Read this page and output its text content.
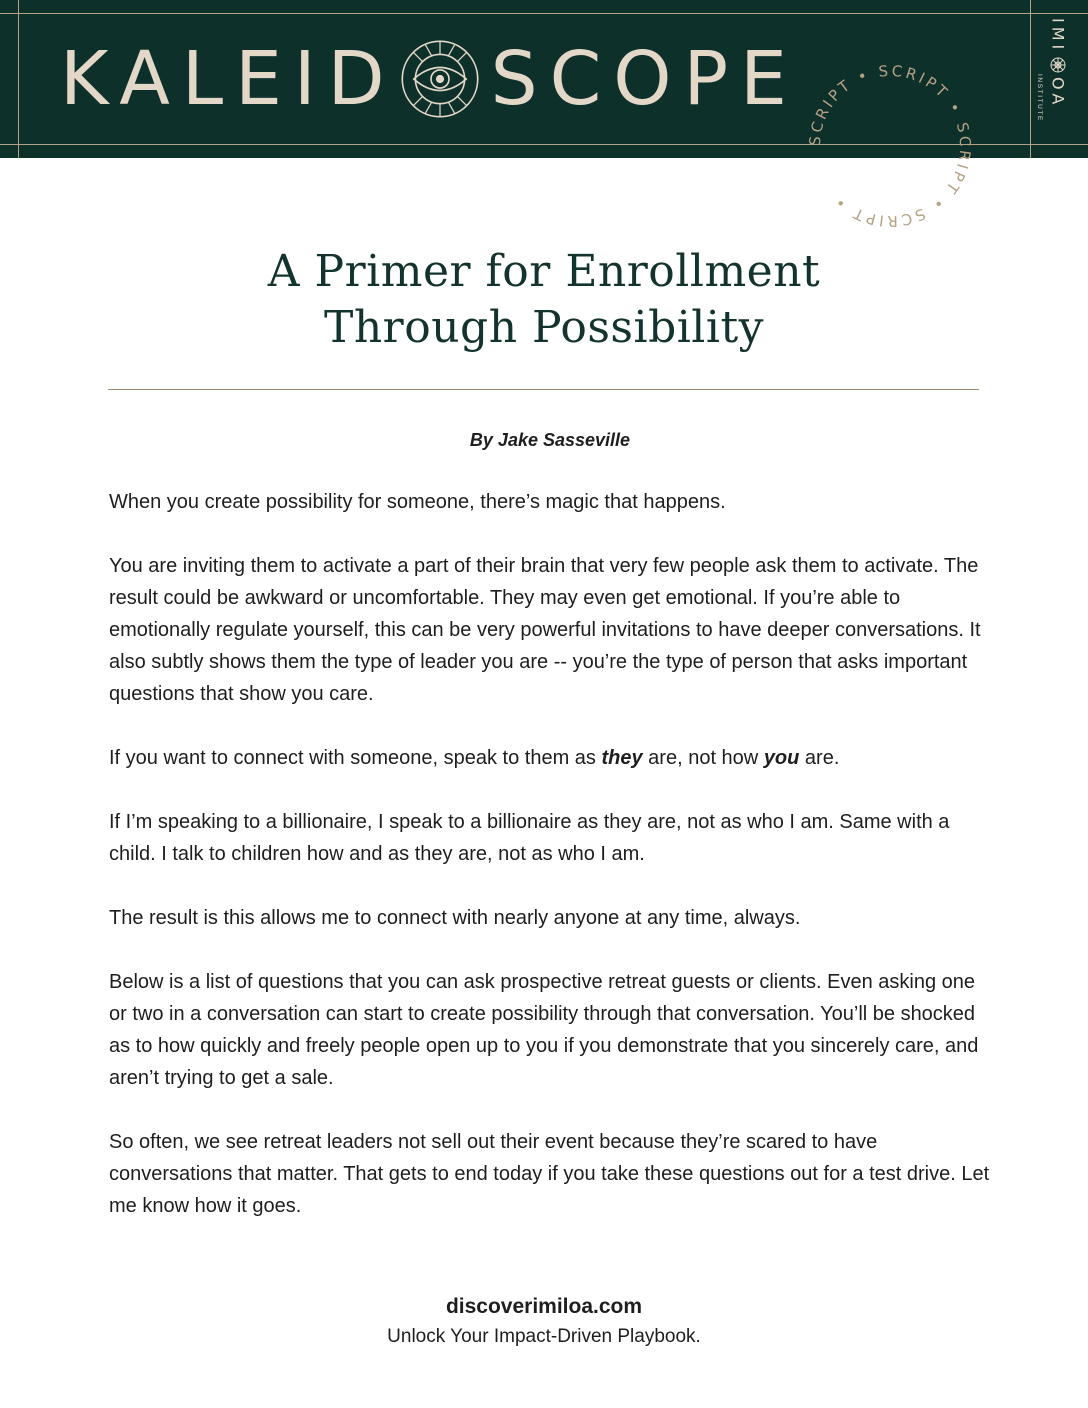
KALEID SCOPE
IMI
OA
INSTITUTE
SCRIPT • SCRIPT • SCRIPT • SCRIPT •
A Primer for Enrollment
Through Possibility
By Jake Sasseville

When you create possibility for someone, there’s magic that happens.

You are inviting them to activate a part of their brain that very few people ask them to activate. The result could be awkward or uncomfortable. They may even get emotional. If you’re able to emotionally regulate yourself, this can be very powerful invitations to have deeper conversations. It also subtly shows them the type of leader you are -- you’re the type of person that asks important questions that show you care.

If you want to connect with someone, speak to them as they are, not how you are.

If I’m speaking to a billionaire, I speak to a billionaire as they are, not as who I am. Same with a child. I talk to children how and as they are, not as who I am.

The result is this allows me to connect with nearly anyone at any time, always.

Below is a list of questions that you can ask prospective retreat guests or clients. Even asking one or two in a conversation can start to create possibility through that conversation. You’ll be shocked as to how quickly and freely people open up to you if you demonstrate that you sincerely care, and aren’t trying to get a sale.

So often, we see retreat leaders not sell out their event because they’re scared to have conversations that matter. That gets to end today if you take these questions out for a test drive. Let me know how it goes.

discoverimiloa.com
Unlock Your Impact-Driven Playbook.
